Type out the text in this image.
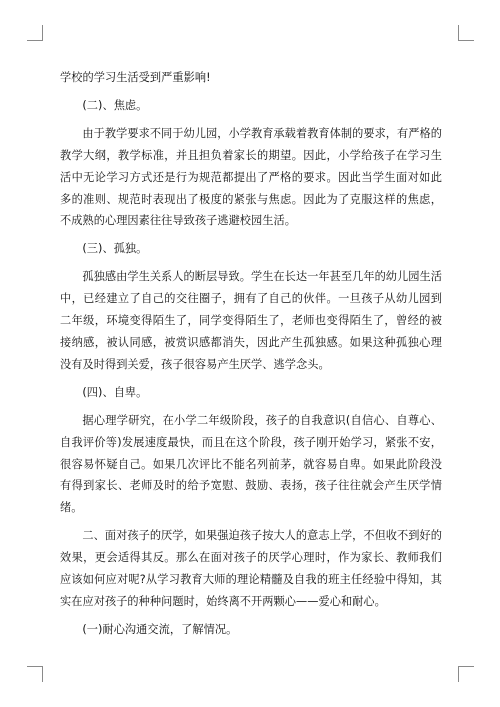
学校的学习生活受到严重影响!

(二)、焦虑。

由于教学要求不同于幼儿园，小学教育承载着教育体制的要求，有严格的教学大纲，教学标准，并且担负着家长的期望。因此，小学给孩子在学习生活中无论学习方式还是行为规范都提出了严格的要求。因此当学生面对如此多的准则、规范时表现出了极度的紧张与焦虑。因此为了克服这样的焦虑，不成熟的心理因素往往导致孩子逃避校园生活。

(三)、孤独。

孤独感由学生关系人的断层导致。学生在长达一年甚至几年的幼儿园生活中，已经建立了自己的交往圈子，拥有了自己的伙伴。一旦孩子从幼儿园到二年级，环境变得陌生了，同学变得陌生了，老师也变得陌生了，曾经的被接纳感，被认同感，被赏识感都消失，因此产生孤独感。如果这种孤独心理没有及时得到关爱，孩子很容易产生厌学、逃学念头。

(四)、自卑。

据心理学研究，在小学二年级阶段，孩子的自我意识(自信心、自尊心、自我评价等)发展速度最快，而且在这个阶段，孩子刚开始学习，紧张不安，很容易怀疑自己。如果几次评比不能名列前茅，就容易自卑。如果此阶段没有得到家长、老师及时的给予宽慰、鼓励、表扬，孩子往往就会产生厌学情绪。

二、面对孩子的厌学，如果强迫孩子按大人的意志上学，不但收不到好的效果，更会适得其反。那么在面对孩子的厌学心理时，作为家长、教师我们应该如何应对呢?从学习教育大师的理论精髓及自我的班主任经验中得知，其实在应对孩子的种种问题时，始终离不开两颗心——爱心和耐心。

(一)耐心沟通交流，了解情况。
